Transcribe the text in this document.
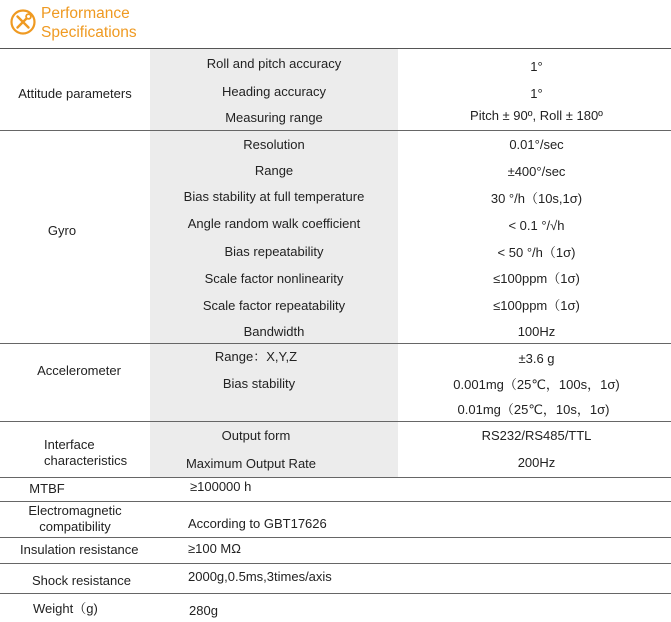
Performance
Specifications
Attitude parameters
Roll and pitch accuracy	1°
Heading accuracy	1°
Measuring range	Pitch ± 90º, Roll ± 180º
Gyro
Resolution	0.01°/sec
Range	±400°/sec
Bias stability at full temperature	30 °/h（10s,1σ)
Angle random walk coefficient	< 0.1 °/√h
Bias repeatability	< 50 °/h（1σ)
Scale factor nonlinearity	≤100ppm（1σ)
Scale factor repeatability	≤100ppm（1σ)
Bandwidth	100Hz
Accelerometer
Range：X,Y,Z	±3.6 g
Bias stability	0.001mg（25℃，100s，1σ)
0.01mg（25℃，10s，1σ)
Interface
characteristics
Output form	RS232/RS485/TTL
Maximum Output Rate	200Hz
MTBF	≥100000 h
Electromagnetic
compatibility	According to GBT17626
Insulation resistance	≥100 MΩ
Shock resistance	2000g,0.5ms,3times/axis
Weight（g)	280g
